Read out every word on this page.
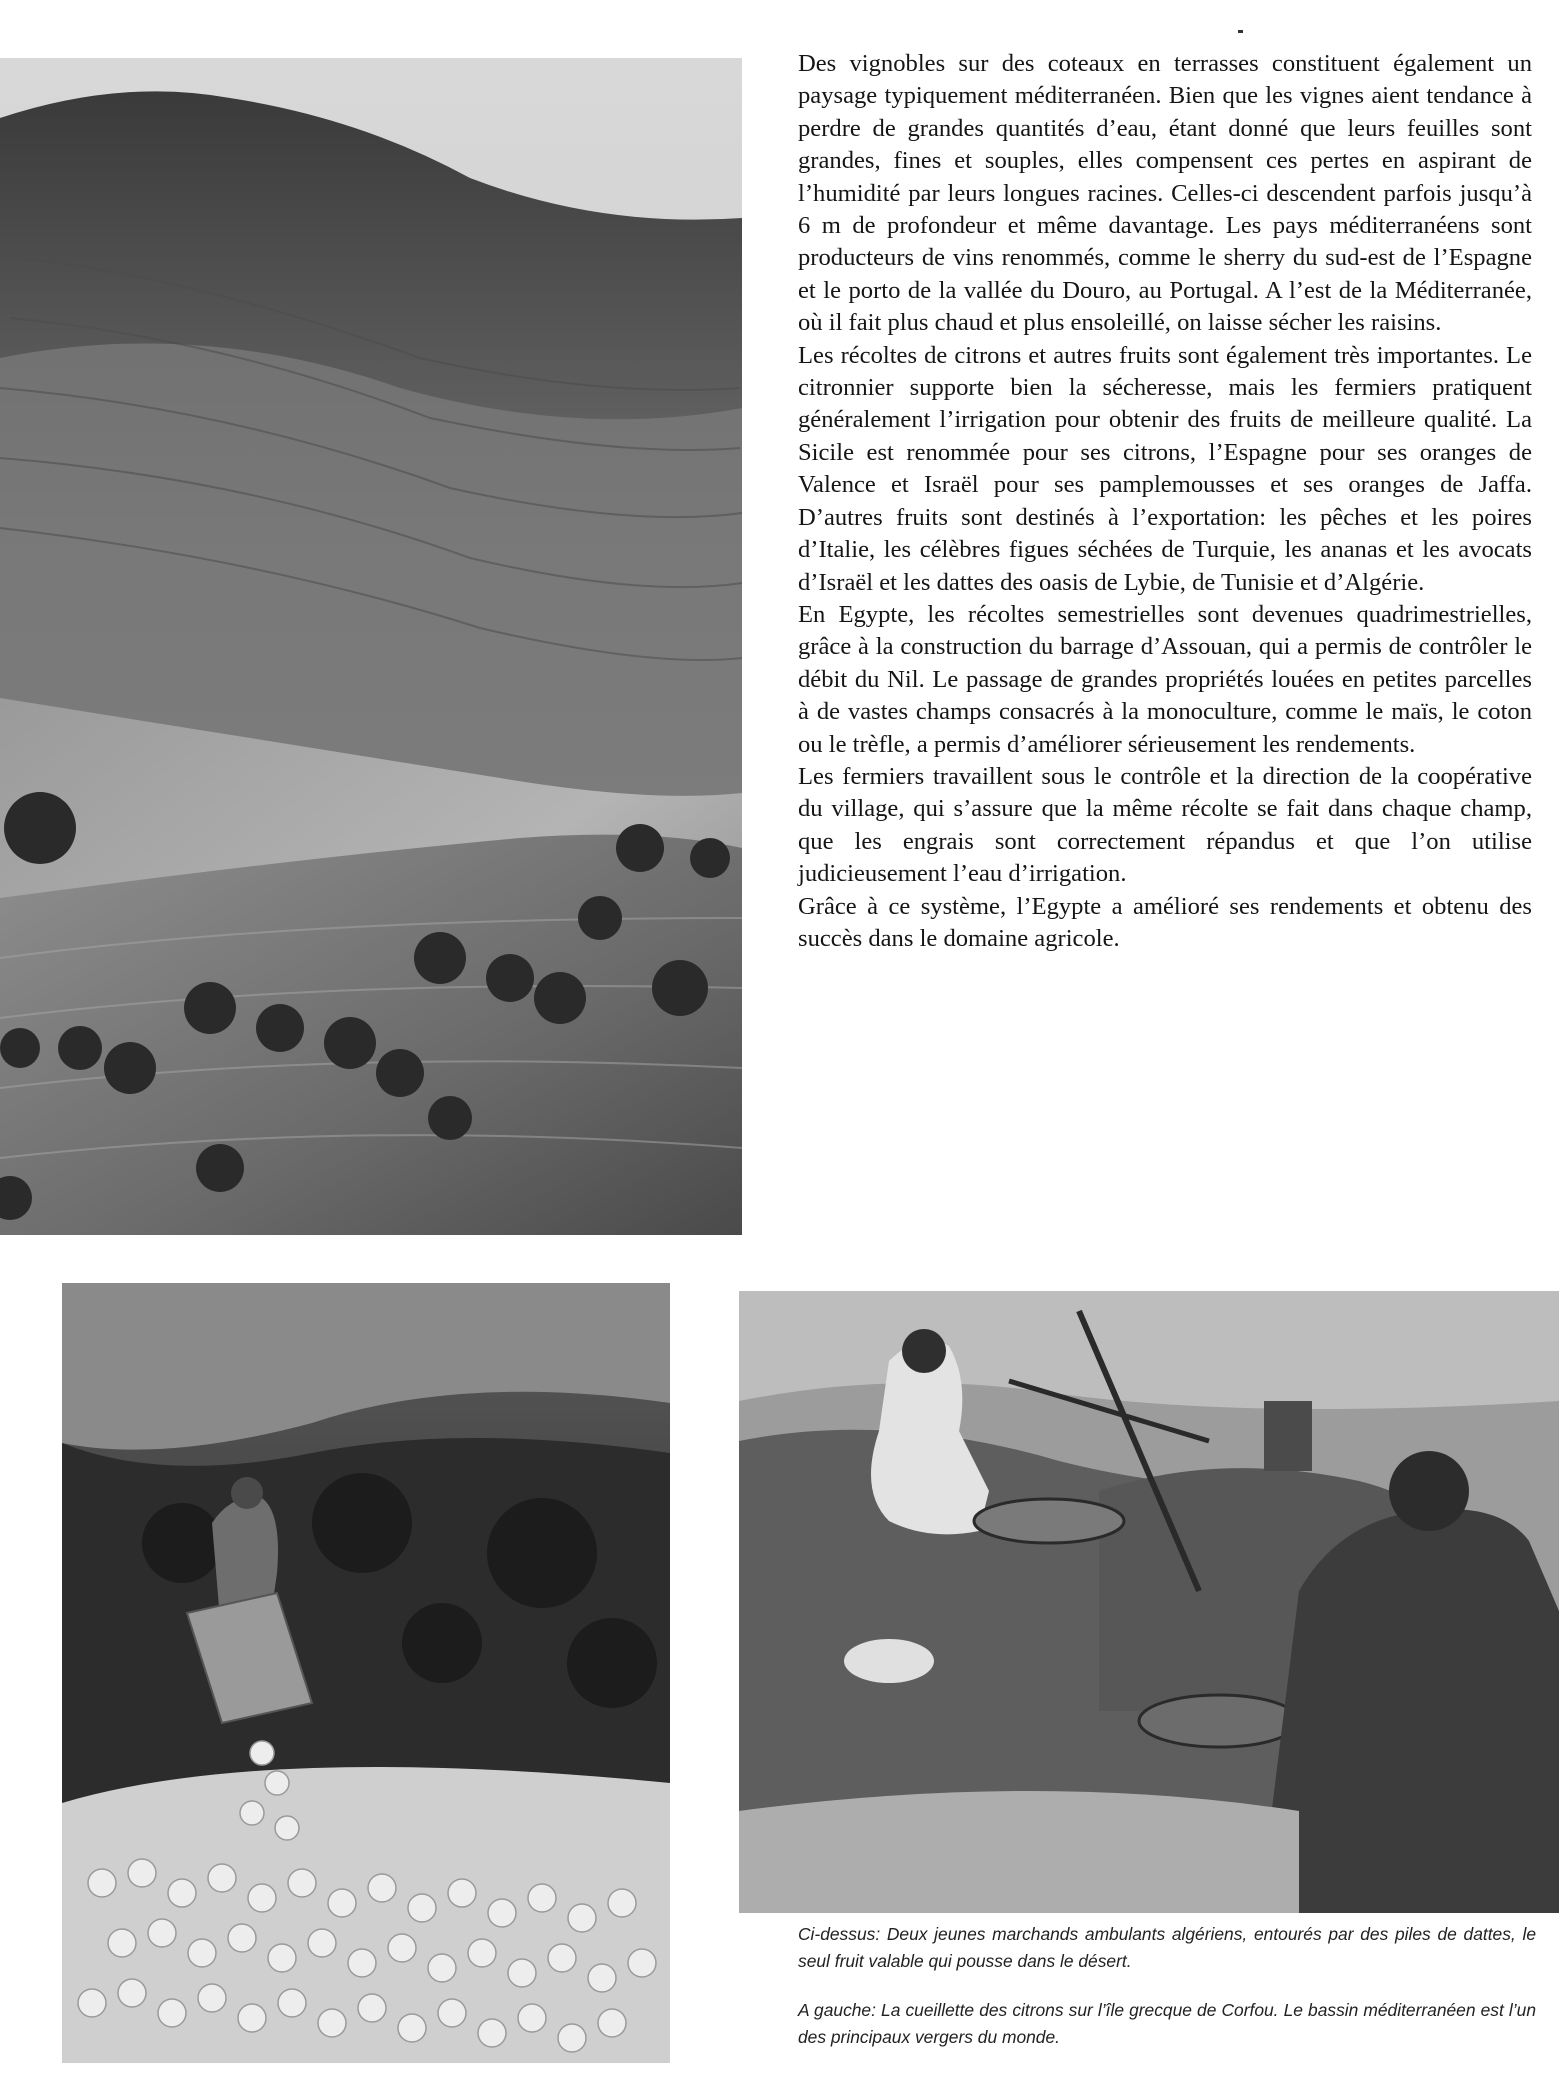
Des vignobles sur des coteaux en terrasses constituent également un paysage typiquement méditerranéen. Bien que les vignes aient tendance à perdre de grandes quantités d’eau, étant donné que leurs feuilles sont grandes, fines et souples, elles compensent ces pertes en aspirant de l’humidité par leurs longues racines. Celles-ci descendent parfois jusqu’à 6 m de profondeur et même davantage. Les pays méditerranéens sont producteurs de vins renommés, comme le sherry du sud-est de l’Espagne et le porto de la vallée du Douro, au Portugal. A l’est de la Méditerranée, où il fait plus chaud et plus ensoleillé, on laisse sécher les raisins.

Les récoltes de citrons et autres fruits sont également très importantes. Le citronnier supporte bien la sécheresse, mais les fermiers pratiquent généralement l’irrigation pour obtenir des fruits de meilleure qualité. La Sicile est renommée pour ses citrons, l’Espagne pour ses oranges de Valence et Israël pour ses pamplemousses et ses oranges de Jaffa. D’autres fruits sont destinés à l’exportation: les pêches et les poires d’Italie, les célèbres figues séchées de Turquie, les ananas et les avocats d’Israël et les dattes des oasis de Lybie, de Tunisie et d’Algérie.

En Egypte, les récoltes semestrielles sont devenues quadrimestrielles, grâce à la construction du barrage d’Assouan, qui a permis de contrôler le débit du Nil. Le passage de grandes propriétés louées en petites parcelles à de vastes champs consacrés à la monoculture, comme le maïs, le coton ou le trèfle, a permis d’améliorer sérieusement les rendements.

Les fermiers travaillent sous le contrôle et la direction de la coopérative du village, qui s’assure que la même récolte se fait dans chaque champ, que les engrais sont correctement répandus et que l’on utilise judicieusement l’eau d’irrigation.

Grâce à ce système, l’Egypte a amélioré ses rendements et obtenu des succès dans le domaine agricole.

Ci-dessus: Deux jeunes marchands ambulants algériens, entourés par des piles de dattes, le seul fruit valable qui pousse dans le désert.

A gauche: La cueillette des citrons sur l’île grecque de Corfou. Le bassin méditerranéen est l’un des principaux vergers du monde.
